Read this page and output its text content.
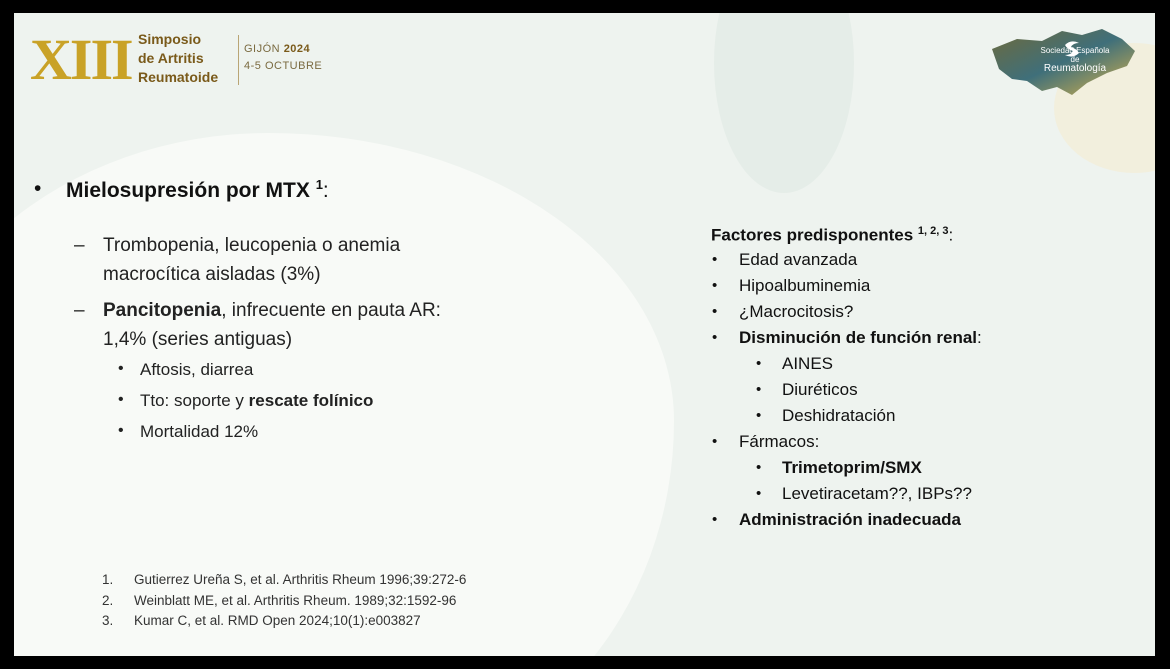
XIII Simposio
de Artritis
Reumatoide
GIJÓN 2024
4-5 OCTUBRE
Sociedad Española de
Reumatología
• Mielosupresión por MTX $^1$:
– Trombopenia, leucopenia o anemia
macrocítica aisladas (3%)
– Pancitopenia, infrecuente en pauta AR:
1,4% (series antiguas)
• Aftosis, diarrea
• Tto: soporte y rescate folínico
• Mortalidad 12%
Factores predisponentes $^{1, 2, 3}$:
• Edad avanzada
• Hipoalbuminemia
• ¿Macrocitosis?
• Disminución de función renal:
• AINES
• Diuréticos
• Deshidratación
• Fármacos:
• Trimetoprim/SMX
• Levetiracetam??, IBPs??
• Administración inadecuada
1. Gutierrez Ureña S, et al. Arthritis Rheum 1996;39:272-6
2. Weinblatt ME, et al. Arthritis Rheum. 1989;32:1592-96
3. Kumar C, et al. RMD Open 2024;10(1):e003827
